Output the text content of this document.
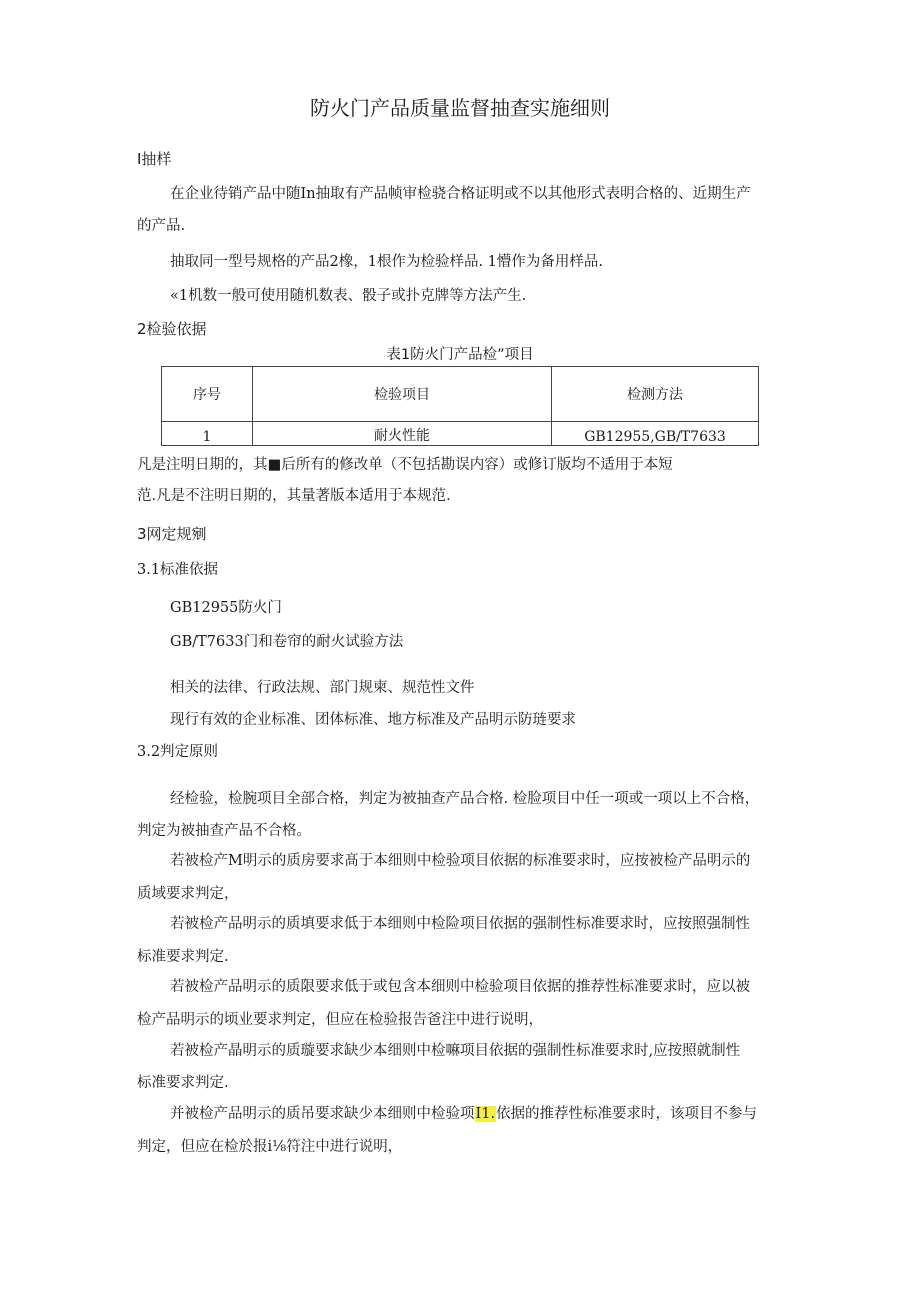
防火门产品质量监督抽查实施细则
I抽样
在企业待销产品中随In抽取有产品帧审检骁合格证明或不以其他形式表明合格的、近期生产
的产品.
抽取同一型号规格的产品2橡，1根作为检验样品. 1懵作为备用样品.
«1机数一般可使用随机数表、骰子或扑克牌等方法产生.
2检验依据
表1防火门产品检”项目
序号	检验项目	检测方法
1	耐火性能	GB12955,GB/T7633
凡是注明日期的，其■后所有的修改单（不包括勘误内容）或修订版均不适用于本短
范.凡是不注明日期的，其量著版本适用于本规范.
3网定规剜
3.1标准依据
GB12955防火门
GB/T7633门和卷帘的耐火试验方法
相关的法律、行政法规、部门规柬、规范性文件
现行有效的企业标准、团体标准、地方标准及产品明示防琏要求
3.2判定原则
经检验，检腕项目全部合格，判定为被抽查产品合格. 检脸项目中任一项或一项以上不合格，
判定为被抽查产品不合格。
若被检产M明示的质房要求髙于本细则中检验项目依据的标准要求时，应按被检产品明示的
质域要求判定，
若被检产品明示的质填要求低于本细则中检险项目依据的强制性标准要求时，应按照强制性
标准要求判定.
若被检产品明示的质限要求低于或包含本细则中检验项目依据的推荐性标准要求时，应以被
检产品明示的顷业要求判定，但应在检验报告爸注中进行说明，
若被检产晶明示的质璇要求缺少本细则中检嘛项目依据的强制性标准要求时,应按照就制性
标准要求判定.
并被检产品明示的质吊要求缺少本细则中检验项I1.依据的推荐性标准要求时，该项目不参与
判定，但应在检於报i⅛符注中进行说明，
